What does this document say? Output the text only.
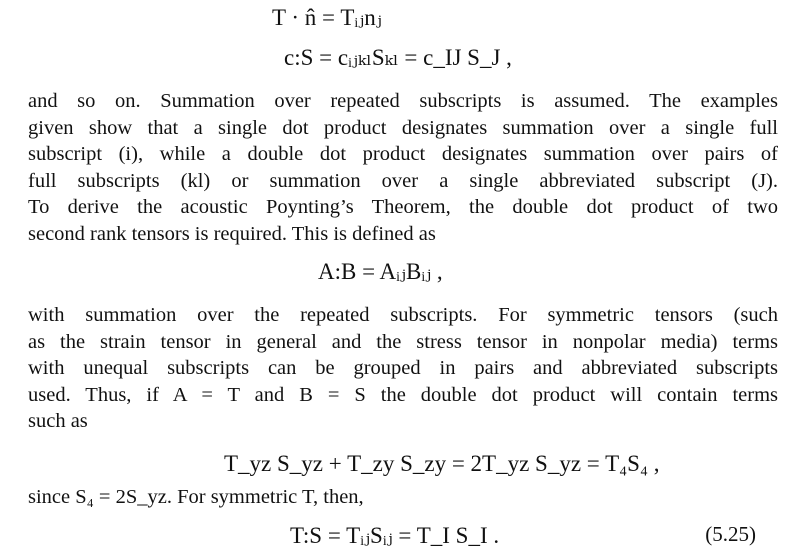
T · n̂ = Tᵢⱼnⱼ
c:S = cᵢⱼₖₗSₖₗ = c_IJ S_J ,
and so on. Summation over repeated subscripts is assumed. The examples
given show that a single dot product designates summation over a single full
subscript (i), while a double dot product designates summation over pairs of
full subscripts (kl) or summation over a single abbreviated subscript (J).
To derive the acoustic Poynting’s Theorem, the double dot product of two
second rank tensors is required. This is defined as
A:B = AᵢⱼBᵢⱼ ,
with summation over the repeated subscripts. For symmetric tensors (such
as the strain tensor in general and the stress tensor in nonpolar media) terms
with unequal subscripts can be grouped in pairs and abbreviated subscripts
used. Thus, if A = T and B = S the double dot product will contain terms
such as
T_yz S_yz + T_zy S_zy = 2T_yz S_yz = T₄S₄ ,
since S₄ = 2S_yz. For symmetric T, then,
T:S = TᵢⱼSᵢⱼ = T_I S_I .	(5.25)
